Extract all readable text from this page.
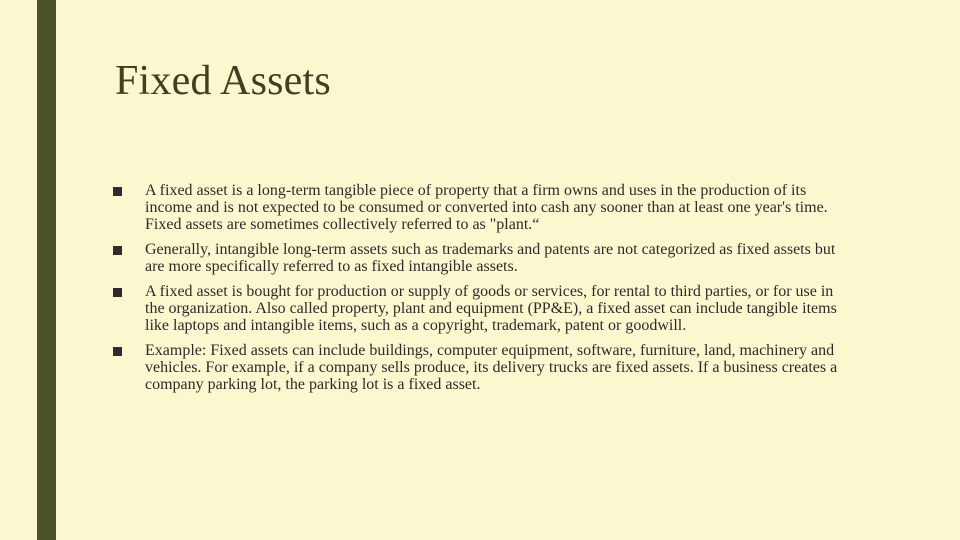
Fixed Assets
A fixed asset is a long-term tangible piece of property that a firm owns and uses in the production of its income and is not expected to be consumed or converted into cash any sooner than at least one year's time. Fixed assets are sometimes collectively referred to as "plant.“
Generally, intangible long-term assets such as trademarks and patents are not categorized as fixed assets but are more specifically referred to as fixed intangible assets.
A fixed asset is bought for production or supply of goods or services, for rental to third parties, or for use in the organization. Also called property, plant and equipment (PP&E), a fixed asset can include tangible items like laptops and intangible items, such as a copyright, trademark, patent or goodwill.
Example: Fixed assets can include buildings, computer equipment, software, furniture, land, machinery and vehicles. For example, if a company sells produce, its delivery trucks are fixed assets. If a business creates a company parking lot, the parking lot is a fixed asset.
